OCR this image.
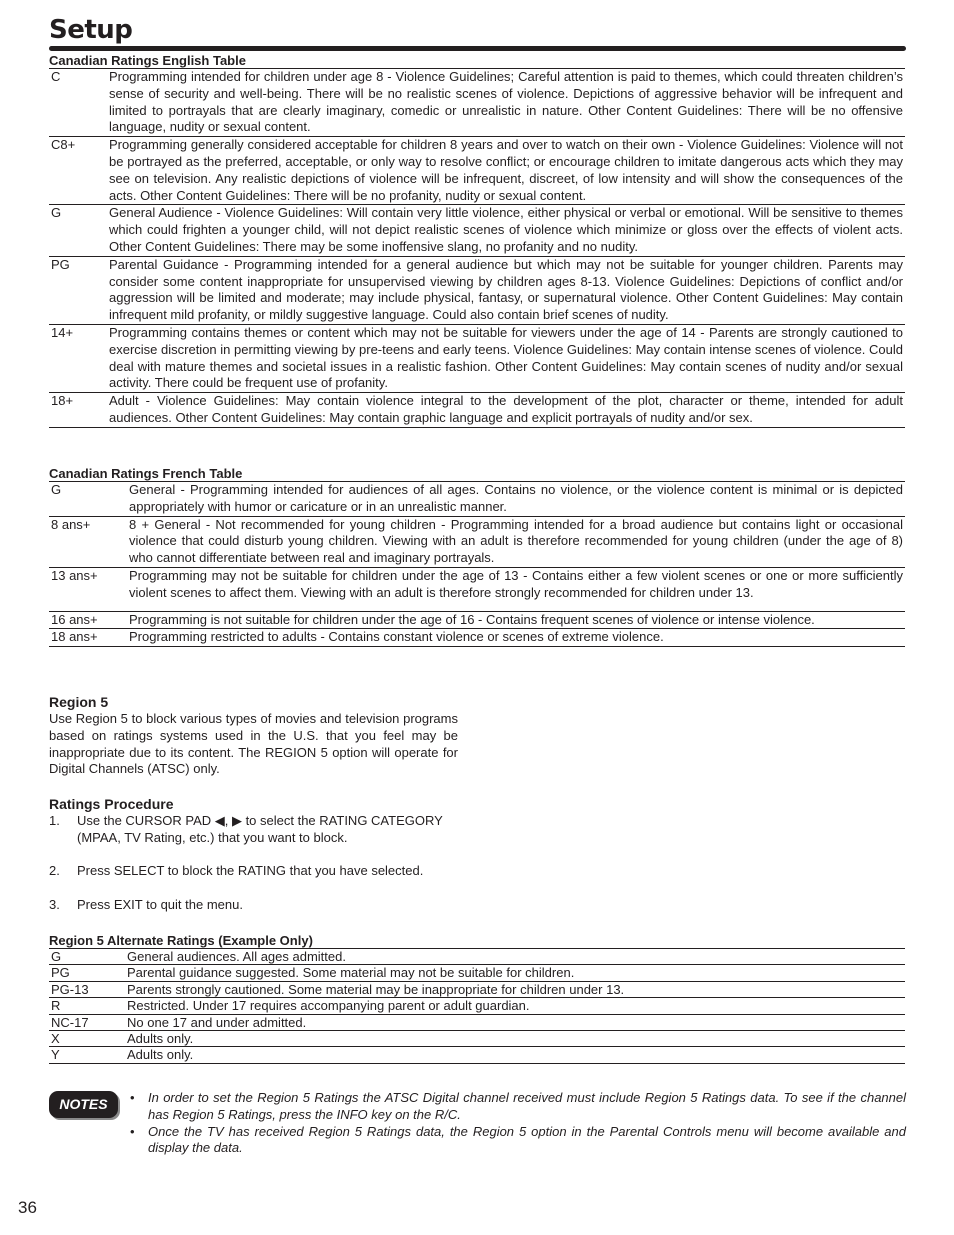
Setup
Canadian Ratings English Table
C	Programming intended for children under age 8 - Violence Guidelines; Careful attention is paid to themes, which could threaten children’s sense of security and well-being. There will be no realistic scenes of violence. Depictions of aggressive behavior will be infrequent and limited to portrayals that are clearly imaginary, comedic or unrealistic in nature. Other Content Guidelines: There will be no offensive language, nudity or sexual content.
C8+	Programming generally considered acceptable for children 8 years and over to watch on their own - Violence Guidelines: Violence will not be portrayed as the preferred, acceptable, or only way to resolve conflict; or encourage children to imitate dangerous acts which they may see on television. Any realistic depictions of violence will be infrequent, discreet, of low intensity and will show the consequences of the acts. Other Content Guidelines: There will be no profanity, nudity or sexual content.
G	General Audience - Violence Guidelines: Will contain very little violence, either physical or verbal or emotional. Will be sensitive to themes which could frighten a younger child, will not depict realistic scenes of violence which minimize or gloss over the effects of violent acts. Other Content Guidelines: There may be some inoffensive slang, no profanity and no nudity.
PG	Parental Guidance - Programming intended for a general audience but which may not be suitable for younger children. Parents may consider some content inappropriate for unsupervised viewing by children ages 8-13. Violence Guidelines: Depictions of conflict and/or aggression will be limited and moderate; may include physical, fantasy, or supernatural violence. Other Content Guidelines: May contain infrequent mild profanity, or mildly suggestive language. Could also contain brief scenes of nudity.
14+	Programming contains themes or content which may not be suitable for viewers under the age of 14 - Parents are strongly cautioned to exercise discretion in permitting viewing by pre-teens and early teens. Violence Guidelines: May contain intense scenes of violence. Could deal with mature themes and societal issues in a realistic fashion. Other Content Guidelines: May contain scenes of nudity and/or sexual activity. There could be frequent use of profanity.
18+	Adult - Violence Guidelines: May contain violence integral to the development of the plot, character or theme, intended for adult audiences. Other Content Guidelines: May contain graphic language and explicit portrayals of nudity and/or sex.
Canadian Ratings French Table
G	General - Programming intended for audiences of all ages. Contains no violence, or the violence content is minimal or is depicted appropriately with humor or caricature or in an unrealistic manner.
8 ans+	8 + General - Not recommended for young children - Programming intended for a broad audience but contains light or occasional violence that could disturb young children. Viewing with an adult is therefore recommended for young children (under the age of 8) who cannot differentiate between real and imaginary portrayals.
13 ans+	Programming may not be suitable for children under the age of 13 - Contains either a few violent scenes or one or more sufficiently violent scenes to affect them. Viewing with an adult is therefore strongly recommended for children under 13.
16 ans+	Programming is not suitable for children under the age of 16 - Contains frequent scenes of violence or intense violence.
18 ans+	Programming restricted to adults - Contains constant violence or scenes of extreme violence.
Region 5
Use Region 5 to block various types of movies and television programs based on ratings systems used in the U.S. that you feel may be inappropriate due to its content. The REGION 5 option will operate for Digital Channels (ATSC) only.
Ratings Procedure
1. Use the CURSOR PAD ◀, ▶ to select the RATING CATEGORY (MPAA, TV Rating, etc.) that you want to block.
2. Press SELECT to block the RATING that you have selected.
3. Press EXIT to quit the menu.
Region 5 Alternate Ratings (Example Only)
G	General audiences. All ages admitted.
PG	Parental guidance suggested. Some material may not be suitable for children.
PG-13	Parents strongly cautioned. Some material may be inappropriate for children under 13.
R	Restricted. Under 17 requires accompanying parent or adult guardian.
NC-17	No one 17 and under admitted.
X	Adults only.
Y	Adults only.
NOTES	• In order to set the Region 5 Ratings the ATSC Digital channel received must include Region 5 Ratings data. To see if the channel has Region 5 Ratings, press the INFO key on the R/C.
• Once the TV has received Region 5 Ratings data, the Region 5 option in the Parental Controls menu will become available and display the data.
36
